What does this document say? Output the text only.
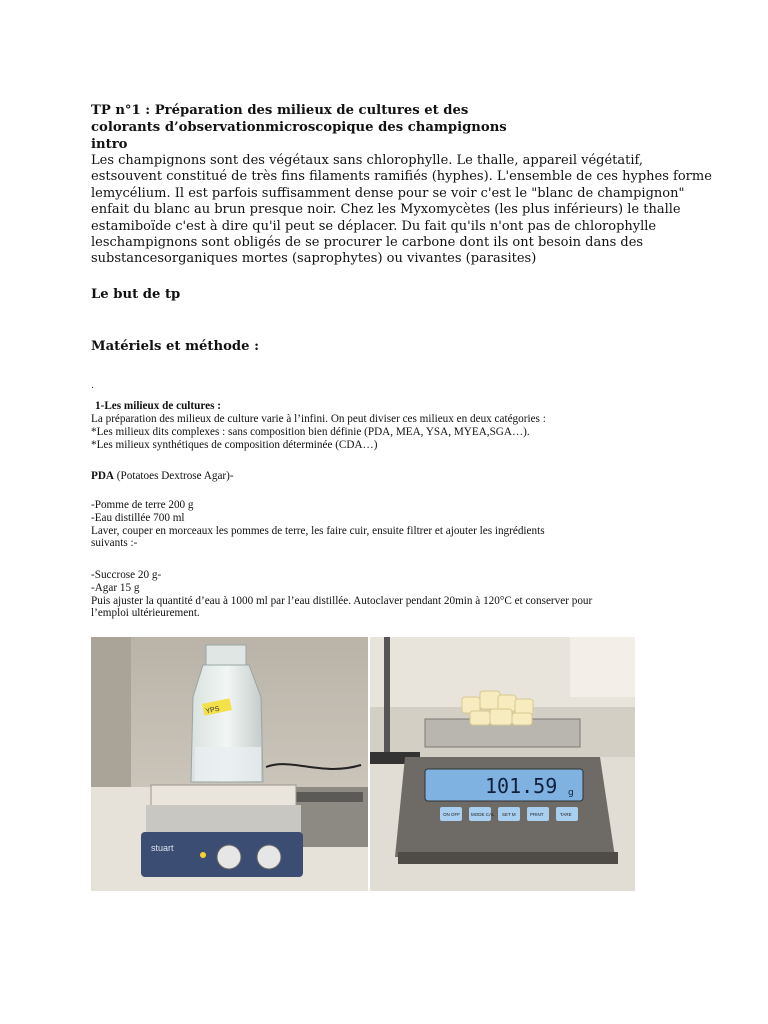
TP n°1 : Préparation des milieux de cultures et des
colorants d’observationmicroscopique des champignons
intro
Les champignons sont des végétaux sans chlorophylle. Le thalle, appareil végétatif,
estsouvent constitué de très fins filaments ramifiés (hyphes). L'ensemble de ces hyphes forme
lemycélium. Il est parfois suffisamment dense pour se voir c'est le "blanc de champignon"
enfait du blanc au brun presque noir. Chez les Myxomycètes (les plus inférieurs) le thalle
estamiboïde c'est à dire qu'il peut se déplacer. Du fait qu'ils n'ont pas de chlorophylle
leschampignons sont obligés de se procurer le carbone dont ils ont besoin dans des
substancesorganiques mortes (saprophytes) ou vivantes (parasites)
Le but de tp
Matériels et méthode :
.
1-Les milieux de cultures :
La préparation des milieux de culture varie à l’infini. On peut diviser ces milieux en deux catégories :
*Les milieux dits complexes : sans composition bien définie (PDA, MEA, YSA, MYEA,SGA…).
*Les milieux synthétiques de composition déterminée (CDA…)
PDA (Potatoes Dextrose Agar)-
-Pomme de terre 200 g
-Eau distillée 700 ml
Laver, couper en morceaux les pommes de terre, les faire cuir, ensuite filtrer et ajouter les ingrédients
suivants :-
-Succrose 20 g-
-Agar 15 g
Puis ajuster la quantité d’eau à 1000 ml par l’eau distillée. Autoclaver pendant 20min à 120°C et conserver pour
l’emploi ultérieurement.
stuart
YPS
101.59 g
ON OFF MODE CAL SET M	PRINT	TARE
